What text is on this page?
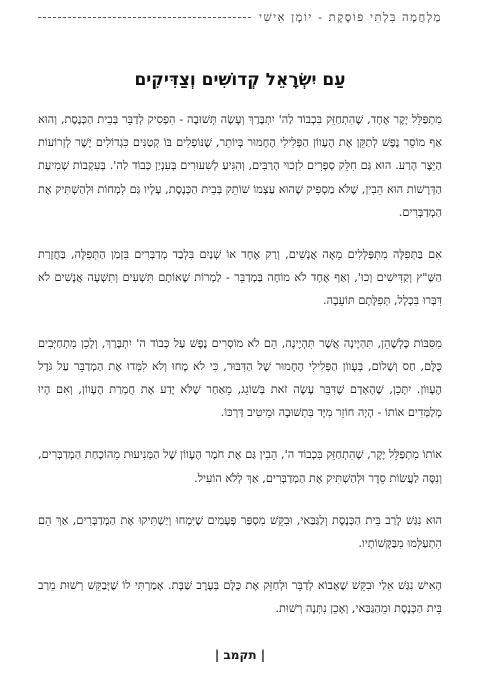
מַלְחֲמָה בִּלְתִּי פּוֹסֶקֶת - יוֹמָן אִישִׁי
עַם יִשְׂרָאֵל קְדוֹשִׁים וְצַדִּיקִים

מִתְפַּלֵּל יָקָר אֶחָד, שֶׁהִתְחַזֵּק בִּכְבוֹד לַה' יִתְבָּרַךְ וְעָשָׂה תְּשׁוּבָה - הִפְסִיק לְדַבֵּר בְּבֵית הַכְּנֶסֶת, וְהוּא אַף מוֹסֵר נֶפֶשׁ לְתַקֵּן אֶת הֶעָווֹן הַפְּלִילִי הֶחָמוּר בְּיוֹתֵר, שֶׁנּוֹפְלִים בּוֹ קְטַנִּים כִּגְדוֹלִים יָשָׁר לְזְרוֹעוֹת הַיֵּצֶר הָרַע. הוּא גַּם חִלֵּק סְפָרִים לִזְכוּי הָרַבִּים, וְהִגִּיעַ לְשִׁעוּרִים בְּעִנְיַן כְּבוֹד לַה'. בְּעִקְבוֹת שְׁמִיעַת הַדְּרָשׁוֹת הוּא הֵבִין, שֶׁלֹּא מַסְפִּיק שֶׁהוּא עַצְמוֹ שׁוֹתֵק בְּבֵית הַכְּנֶסֶת, עָלָיו גַּם לִמְחוֹת וּלְהַשְׁתִּיק אֶת הַמְדַבְּרִים.

אִם בַּתְּפִלָּה מִתְפַּלְּלִים מֵאָה אֲנָשִׁים, וְרַק אֶחָד אוֹ שְׁנַיִם בִּלְבַד מְדַבְּרִים בִּזְמַן הַתְּפִלָּה, בַּחֲזָרַת הַשַּׁ"ץ וְקַדִּישִׁים וְכוּ', וְאַף אֶחָד לֹא מוֹחֶה בַּמְדַבֵּר - לַמְרוֹת שֶׁאוֹתָם תִּשְׁעִים וְתִשְׁעָה אֲנָשִׁים לֹא דִּבְּרוּ בִּכְלָל, תְּפִלָּתָם תּוֹעֵבָה.

מִסִּבּוֹת כָּלְשֶׁהֵן, תִּהְיֶינָה אֲשֶׁר תִּהְיֶינָה, הֵם לֹא מוֹסְרִים נֶפֶשׁ עַל כְּבוֹד ה' יִתְבָּרַךְ, וְלָכֵן מִתְחַיְּבִים כֻּלָּם, חַס וְשָׁלוֹם, בְּעָווֹן הַפְּלִילִי הֶחָמוּר שֶׁל הַדִּבּוּר, כִּי לֹא מָחוּ וְלֹא לִמְּדוּ אֶת הַמְדַבֵּר עַל גֹּדֶל הֶעָווֹן. יִתָּכֵן, שֶׁהָאָדָם שֶׁדִּבֵּר עָשָׂה זֹאת בְּשׁוֹגֵג, מֵאַחַר שֶׁלֹּא יָדַע אֶת חֻמְרַת הֶעָווֹן, וְאִם הָיוּ מְלַמְּדִים אוֹתוֹ - הָיָה חוֹזֵר מִיָּד בִּתְשׁוּבָה וּמֵיטִיב דַּרְכּוֹ.

אוֹתוֹ מִתְפַּלֵּל יָקָר, שֶׁהִתְחַזֵּק בִּכְבוֹד ה', הֵבִין גַּם אֶת חֹמֶר הֶעָווֹן שֶׁל הַמְּנִיעוּת מֵהוֹכָחַת הַמְדַבְּרִים, וְנִסָּה לַעֲשׂוֹת סֵדֶר וּלְהַשְׁתִּיק אֶת הַמְדַבְּרִים, אַךְ לְלֹא הוֹעִיל.

הוּא נִגַּשׁ לָרַב בֵּית הַכְּנֶסֶת וְלַגַּבַּאי, וּבִקֵּשׁ מִסְפַּר פְּעָמִים שֶׁיִּמְחוּ וְיַשְׁתִּיקוּ אֶת הַמְדַבְּרִים, אַךְ הֵם הִתְעַלְּמוּ מִבַּקָּשׁוֹתָיו.

הָאִישׁ נִגַּשׁ אֵלַי וּבִקֵּשׁ שֶׁאָבוֹא לְדַבֵּר וּלְחַזֵּק אֶת כֻּלָּם בְּעֶרֶב שַׁבָּת. אָמַרְתִּי לוֹ שֶׁיְּבַקֵּשׁ רְשׁוּת מֵרַב בֵּית הַכְּנֶסֶת וּמֵהַגַּבַּאי, וְאָכֵן נִתְּנָה רְשׁוּת.

| תקמב |
